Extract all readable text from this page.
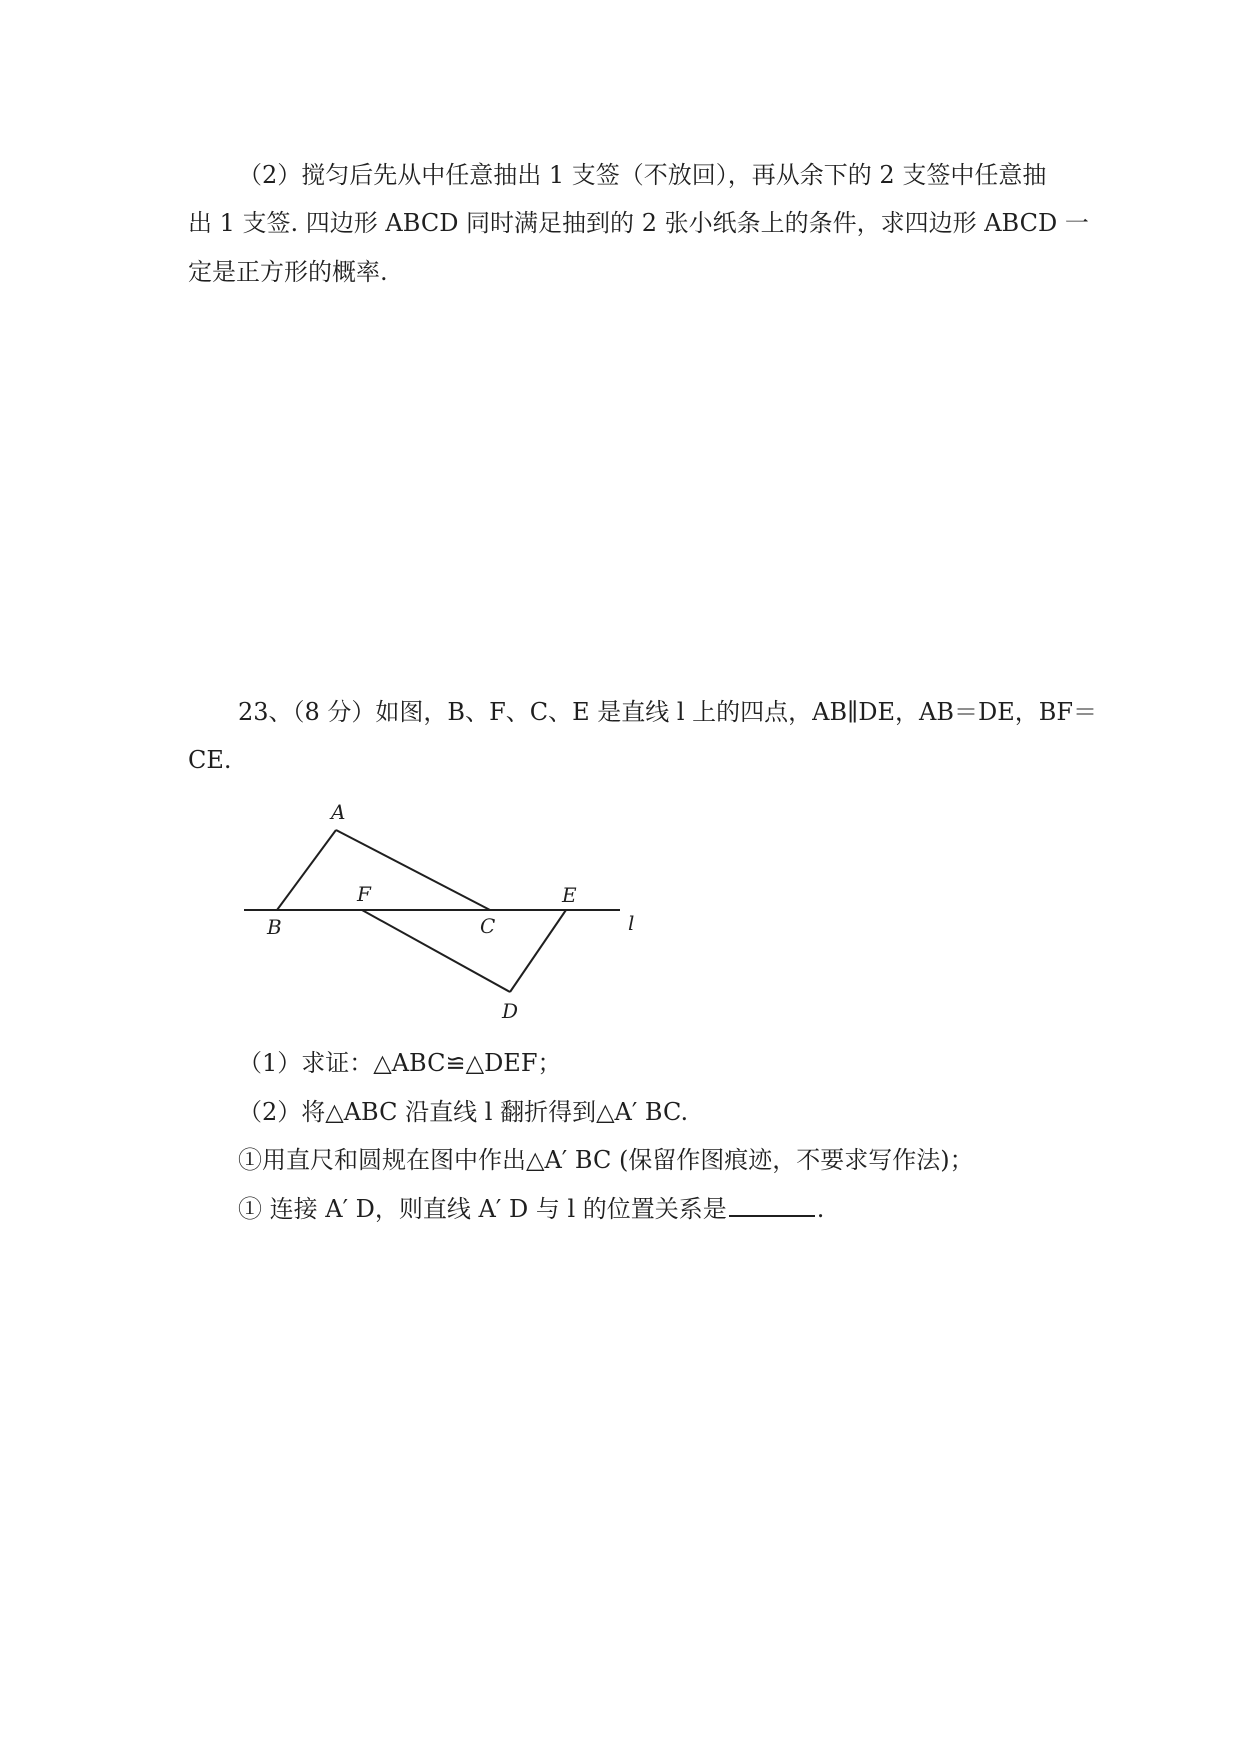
（2）搅匀后先从中任意抽出 1 支签（不放回），再从余下的 2 支签中任意抽
出 1 支签. 四边形 ABCD 同时满足抽到的 2 张小纸条上的条件，求四边形 ABCD 一
定是正方形的概率.
23、（8 分）如图，B、F、C、E 是直线 l 上的四点，AB∥DE，AB＝DE，BF＝
CE.
A
B
F
C
E
D
l
（1）求证：△ABC≌△DEF；
（2）将△ABC 沿直线 l 翻折得到△A′ BC.
①用直尺和圆规在图中作出△A′ BC (保留作图痕迹，不要求写作法)；
① 连接 A′ D，则直线 A′ D 与 l 的位置关系是	.
